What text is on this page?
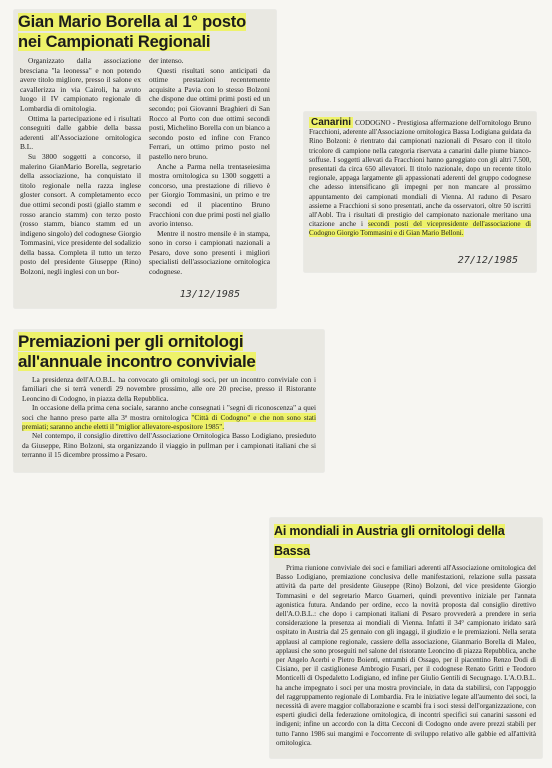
Gian Mario Borella al 1° posto nei Campionati Regionali

Organizzato dalla associazione bresciana "la leonessa" e non potendo avere titolo migliore, presso il salone ex cavallerizza in via Cairoli, ha avuto luogo il IV campionato regionale di Lombardia di ornitologia.

Ottima la partecipazione ed i risultati conseguiti dalle gabbie della bassa aderenti all'Associazione ornitologica B.L.

Su 3800 soggetti a concorso, il malerino GianMario Borella, segretario della associazione, ha conquistato il titolo regionale nella razza inglese gloster consort. A completamento ecco due ottimi secondi posti (giallo stamm e rosso arancio stamm) con terzo posto (rosso stamm, bianco stamm ed un indigeno singolo) del codognese Giorgio Tommasini, vice presidente del sodalizio della bassa. Completa il tutto un terzo posto del presidente Giuseppe (Rino) Bolzoni, negli inglesi con un bor-

der intenso.

Questi risultati sono anticipati da ottime prestazioni recentemente acquisite a Pavia con lo stesso Bolzoni che dispone due ottimi primi posti ed un secondo; poi Giovanni Braghieri di San Rocco al Porto con due ottimi secondi posti, Michelino Borella con un bianco a secondo posto ed infine con Franco Ferrari, un ottimo primo posto nel pastello nero bruno.

Anche a Parma nella trentaseiesima mostra ornitologica su 1300 soggetti a concorso, una prestazione di rilievo è per Giorgio Tommasini, un primo e tre secondi ed il piacentino Bruno Fracchioni con due primi posti nel giallo avorio intenso.

Mentre il nostro mensile è in stampa, sono in corso i campionati nazionali a Pesaro, dove sono presenti i migliori specialisti dell'associazione ornitologica codognese.

13/12/1985
Canarini CODOGNO - Prestigiosa affermazione dell'ornitologo Bruno Fracchioni, aderente all'Associazione ornitologica Bassa Lodigiana guidata da Rino Bolzoni: è rientrato dai campionati nazionali di Pesaro con il titolo tricolore di campione nella categoria riservata a canarini dalle piume bianco-soffuse. I soggetti allevati da Fracchioni hanno gareggiato con gli altri 7.500, presentati da circa 650 allevatori. Il titolo nazionale, dopo un recente titolo regionale, appaga largamente gli appassionati aderenti del gruppo codognese che adesso intensificano gli impegni per non mancare al prossimo appuntamento dei campionati mondiali di Vienna. Al raduno di Pesaro assieme a Fracchioni si sono presentati, anche da osservatori, oltre 50 iscritti all'Aobl. Tra i risultati di prestigio del campionato nazionale meritano una citazione anche i secondi posti del vicepresidente dell'associazione di Codogno Giorgio Tommasini e di Gian Mario Belloni.
27/12/1985
Premiazioni per gli ornitologi all'annuale incontro conviviale

La presidenza dell'A.O.B.L. ha convocato gli ornitologi soci, per un incontro conviviale con i familiari che si terrà venerdì 29 novembre prossimo, alle ore 20 precise, presso il Ristorante Leoncino di Codogno, in piazza della Repubblica.

In occasione della prima cena sociale, saranno anche consegnati i "segni di riconoscenza" a quei soci che hanno preso parte alla 3ª mostra ornitologica "Città di Codogno" e che non sono stati premiati; saranno anche eletti il "miglior allevatore-espositore 1985".

Nel contempo, il consiglio direttivo dell'Associazione Ornitologica Basso Lodigiano, presieduto da Giuseppe, Rino Bolzoni, sta organizzando il viaggio in pullman per i campionati italiani che si terranno il 15 dicembre prossimo a Pesaro.

Ai mondiali in Austria gli ornitologi della Bassa

Prima riunione conviviale dei soci e familiari aderenti all'Associazione ornitologica del Basso Lodigiano, premiazione conclusiva delle manifestazioni, relazione sulla passata attività da parte del presidente Giuseppe (Rino) Bolzoni, del vice presidente Giorgio Tommasini e del segretario Marco Guarneri, quindi preventivo iniziale per l'annata agonistica futura. Andando per ordine, ecco la novità proposta dal consiglio direttivo dell'A.O.B.L.: che dopo i campionati italiani di Pesaro provvederà a prendere in seria considerazione la presenza ai mondiali di Vienna. Infatti il 34° campionato iridato sarà ospitato in Austria dal 25 gennaio con gli ingaggi, il giudizio e le premiazioni. Nella serata applausi al campione regionale, cassiere della associazione, Gianmario Borella di Maleo, applausi che sono proseguiti nel salone del ristorante Leoncino di piazza Repubblica, anche per Angelo Acerbi e Pietro Boienti, entrambi di Ossago, per il piacentino Renzo Dodi di Cisiano, per il castiglionese Ambrogio Fusari, per il codognese Renato Gritti e Teodoro Monticelli di Ospedaletto Lodigiano, ed infine per Giulio Gentili di Secugnago. L'A.O.B.L. ha anche impegnato i soci per una mostra provinciale, in data da stabilirsi, con l'appoggio del raggruppamento regionale di Lombardia. Fra le iniziative legate all'aumento dei soci, la necessità di avere maggior collaborazione e scambi fra i soci stessi dell'organizzazione, con esperti giudici della federazione ornitologica, di incontri specifici sui canarini sassoni ed indigeni; infine un accordo con la ditta Cecconi di Codogno onde avere prezzi stabili per tutto l'anno 1986 sui mangimi e l'occorrente di sviluppo relativo alle gabbie ed all'attività ornitologica.
